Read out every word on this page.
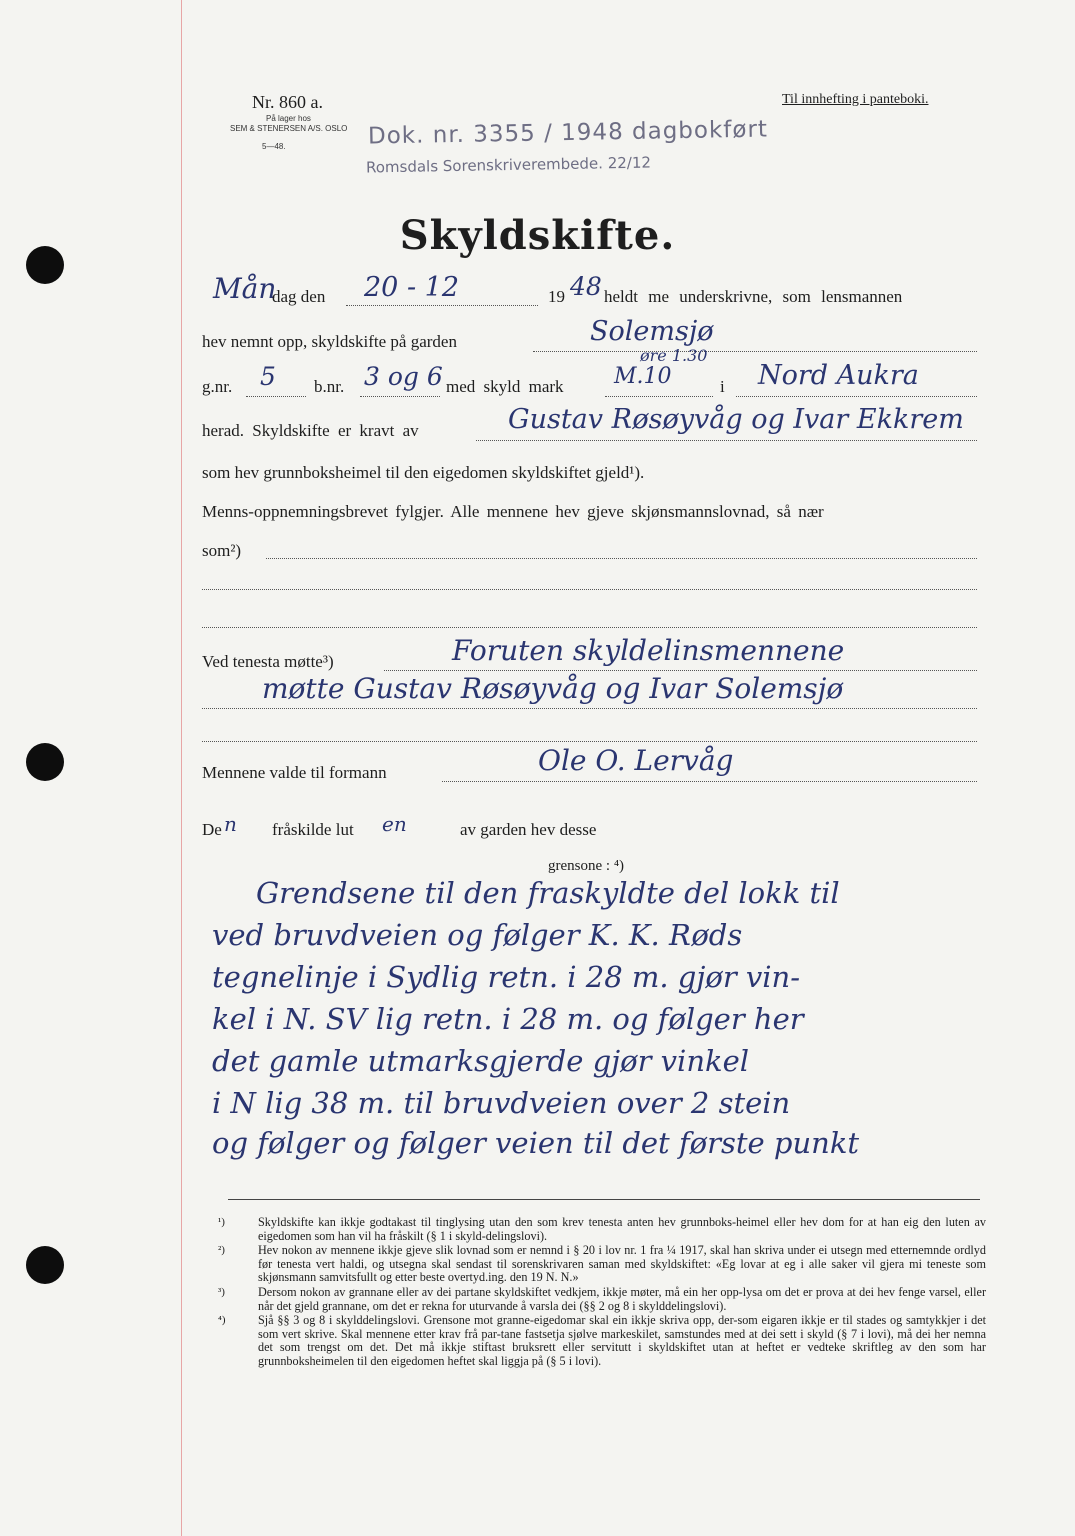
Nr. 860 a.
På lager hos
SEM & STENERSEN A/S. OSLO
5—48.
Til innhefting i panteboki.
Dok. nr. 3355 / 1948 dagbokført
Romsdals Sorenskriverembede. 22/12
Skyldskifte.
Mån
dag den 20 - 12	19 48 heldt me underskrivne, som lensmannen
hev nemnt opp, skyldskifte på garden	Solemsjø
g.nr. 5 b.nr. 3 og 6 med skyld mark
øre 1.30
M.10	i Nord Aukra
herad. Skyldskifte er kravt av	Gustav Røsøyvåg og Ivar Ekkrem
som hev grunnboksheimel til den eigedomen skyldskiftet gjeld¹).
Menns-oppnemningsbrevet fylgjer. Alle mennene hev gjeve skjønsmannslovnad, så nær
som²)
Ved tenesta møtte³)	Foruten skyldelinsmennene
møtte Gustav Røsøyvåg og Ivar Solemsjø
Mennene valde til formann	Ole O. Lervåg
De n fråskilde lut en	av garden hev desse
grensone : ⁴)
Grendsene til den fraskyldte del lokk til
ved bruvdveien og følger K. K. Røds
tegnelinje i Sydlig retn. i 28 m. gjør vin-
kel i N. SV lig retn. i 28 m. og følger her
det gamle utmarksgjerde gjør vinkel
i N lig 38 m. til bruvdveien over 2 stein
og følger og følger veien til det første punkt
¹)	Skyldskifte kan ikkje godtakast til tinglysing utan den som krev tenesta anten hev grunnboks-heimel eller hev dom for at han eig den luten av eigedomen som han vil ha fråskilt (§ 1 i skyld-delingslovi).
²)	Hev nokon av mennene ikkje gjeve slik lovnad som er nemnd i § 20 i lov nr. 1 fra ¼ 1917, skal han skriva under ei utsegn med etternemnde ordlyd før tenesta vert haldi, og utsegna skal sendast til sorenskrivaren saman med skyldskiftet: «Eg lovar at eg i alle saker vil gjera mi teneste som skjønsmann samvitsfullt og etter beste overtyd.ing. den 19 N. N.»
³)	Dersom nokon av grannane eller av dei partane skyldskiftet vedkjem, ikkje møter, må ein her opp-lysa om det er prova at dei hev fenge varsel, eller når det gjeld grannane, om det er rekna for uturvande å varsla dei (§§ 2 og 8 i skylddelingslovi).
⁴)	Sjå §§ 3 og 8 i skylddelingslovi. Grensone mot granne-eigedomar skal ein ikkje skriva opp, der-som eigaren ikkje er til stades og samtykkjer i det som vert skrive. Skal mennene etter krav frå par-tane fastsetja sjølve markeskilet, samstundes med at dei sett i skyld (§ 7 i lovi), må dei her nemna det som trengst om det. Det må ikkje stiftast bruksrett eller servitutt i skyldskiftet utan at heftet er vedteke skriftleg av den som har grunnboksheimelen til den eigedomen heftet skal liggja på (§ 5 i lovi).
